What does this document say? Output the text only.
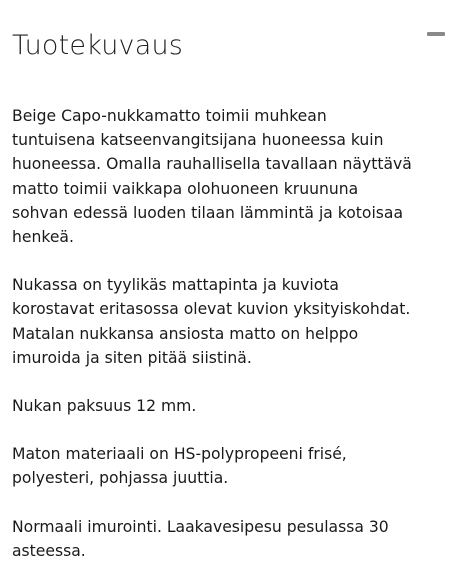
Tuotekuvaus

Beige Capo-nukkamatto toimii muhkean
tuntuisena katseenvangitsijana huoneessa kuin
huoneessa. Omalla rauhallisella tavallaan näyttävä
matto toimii vaikkapa olohuoneen kruununa
sohvan edessä luoden tilaan lämmintä ja kotoisaa
henkeä.

Nukassa on tyylikäs mattapinta ja kuviota
korostavat eritasossa olevat kuvion yksityiskohdat.
Matalan nukkansa ansiosta matto on helppo
imuroida ja siten pitää siistinä.

Nukan paksuus 12 mm.

Maton materiaali on HS-polypropeeni frisé,
polyesteri, pohjassa juuttia.

Normaali imurointi. Laakavesipesu pesulassa 30
asteessa.
